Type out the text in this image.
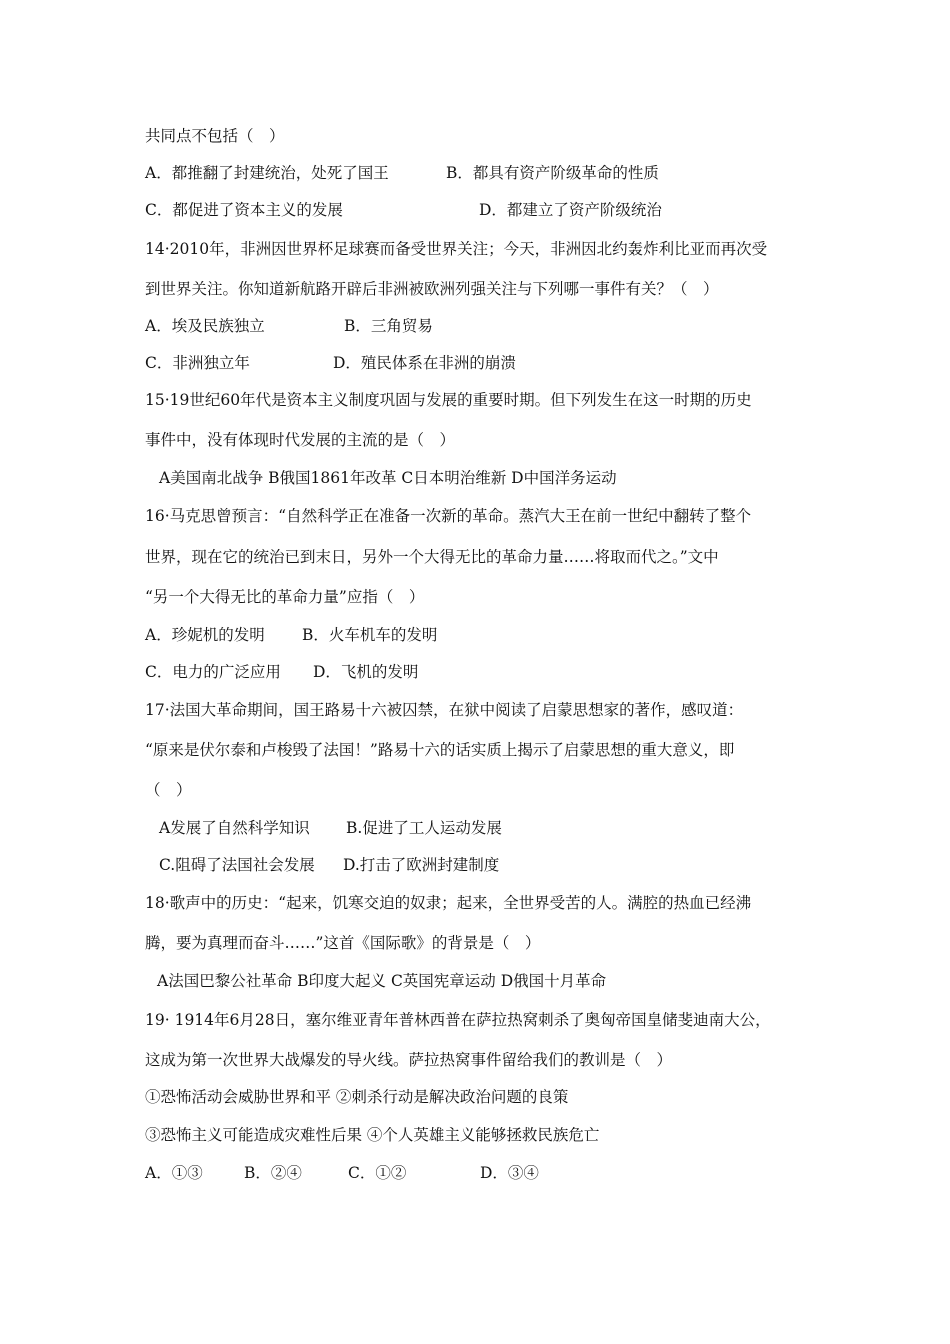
共同点不包括（　）
A．都推翻了封建统治，处死了国王	B．都具有资产阶级革命的性质
C．都促进了资本主义的发展	D．都建立了资产阶级统治
14·2010年，非洲因世界杯足球赛而备受世界关注；今天，非洲因北约轰炸利比亚而再次受
到世界关注。你知道新航路开辟后非洲被欧洲列强关注与下列哪一事件有关？（　）
A．埃及民族独立	B．三角贸易
C．非洲独立年	D．殖民体系在非洲的崩溃
15·19世纪60年代是资本主义制度巩固与发展的重要时期。但下列发生在这一时期的历史
事件中，没有体现时代发展的主流的是（　）
A美国南北战争 B俄国1861年改革 C日本明治维新 D中国洋务运动
16·马克思曾预言：“自然科学正在准备一次新的革命。蒸汽大王在前一世纪中翻转了整个
世界，现在它的统治已到末日，另外一个大得无比的革命力量……将取而代之。”文中
“另一个大得无比的革命力量”应指（　）
A．珍妮机的发明 B．火车机车的发明
C．电力的广泛应用 D．飞机的发明
17·法国大革命期间，国王路易十六被囚禁，在狱中阅读了启蒙思想家的著作，感叹道：
“原来是伏尔泰和卢梭毁了法国！”路易十六的话实质上揭示了启蒙思想的重大意义，即
（　）
A发展了自然科学知识 B.促进了工人运动发展
C.阻碍了法国社会发展 D.打击了欧洲封建制度
18·歌声中的历史：“起来，饥寒交迫的奴隶；起来，全世界受苦的人。满腔的热血已经沸
腾，要为真理而奋斗……”这首《国际歌》的背景是（　）
A法国巴黎公社革命 B印度大起义 C英国宪章运动 D俄国十月革命
19· 1914年6月28日，塞尔维亚青年普林西普在萨拉热窝刺杀了奥匈帝国皇储斐迪南大公，
这成为第一次世界大战爆发的导火线。萨拉热窝事件留给我们的教训是（　）
①恐怖活动会威胁世界和平 ②刺杀行动是解决政治问题的良策
③恐怖主义可能造成灾难性后果 ④个人英雄主义能够拯救民族危亡
A．①③	B．②④	C．①②	D．③④
